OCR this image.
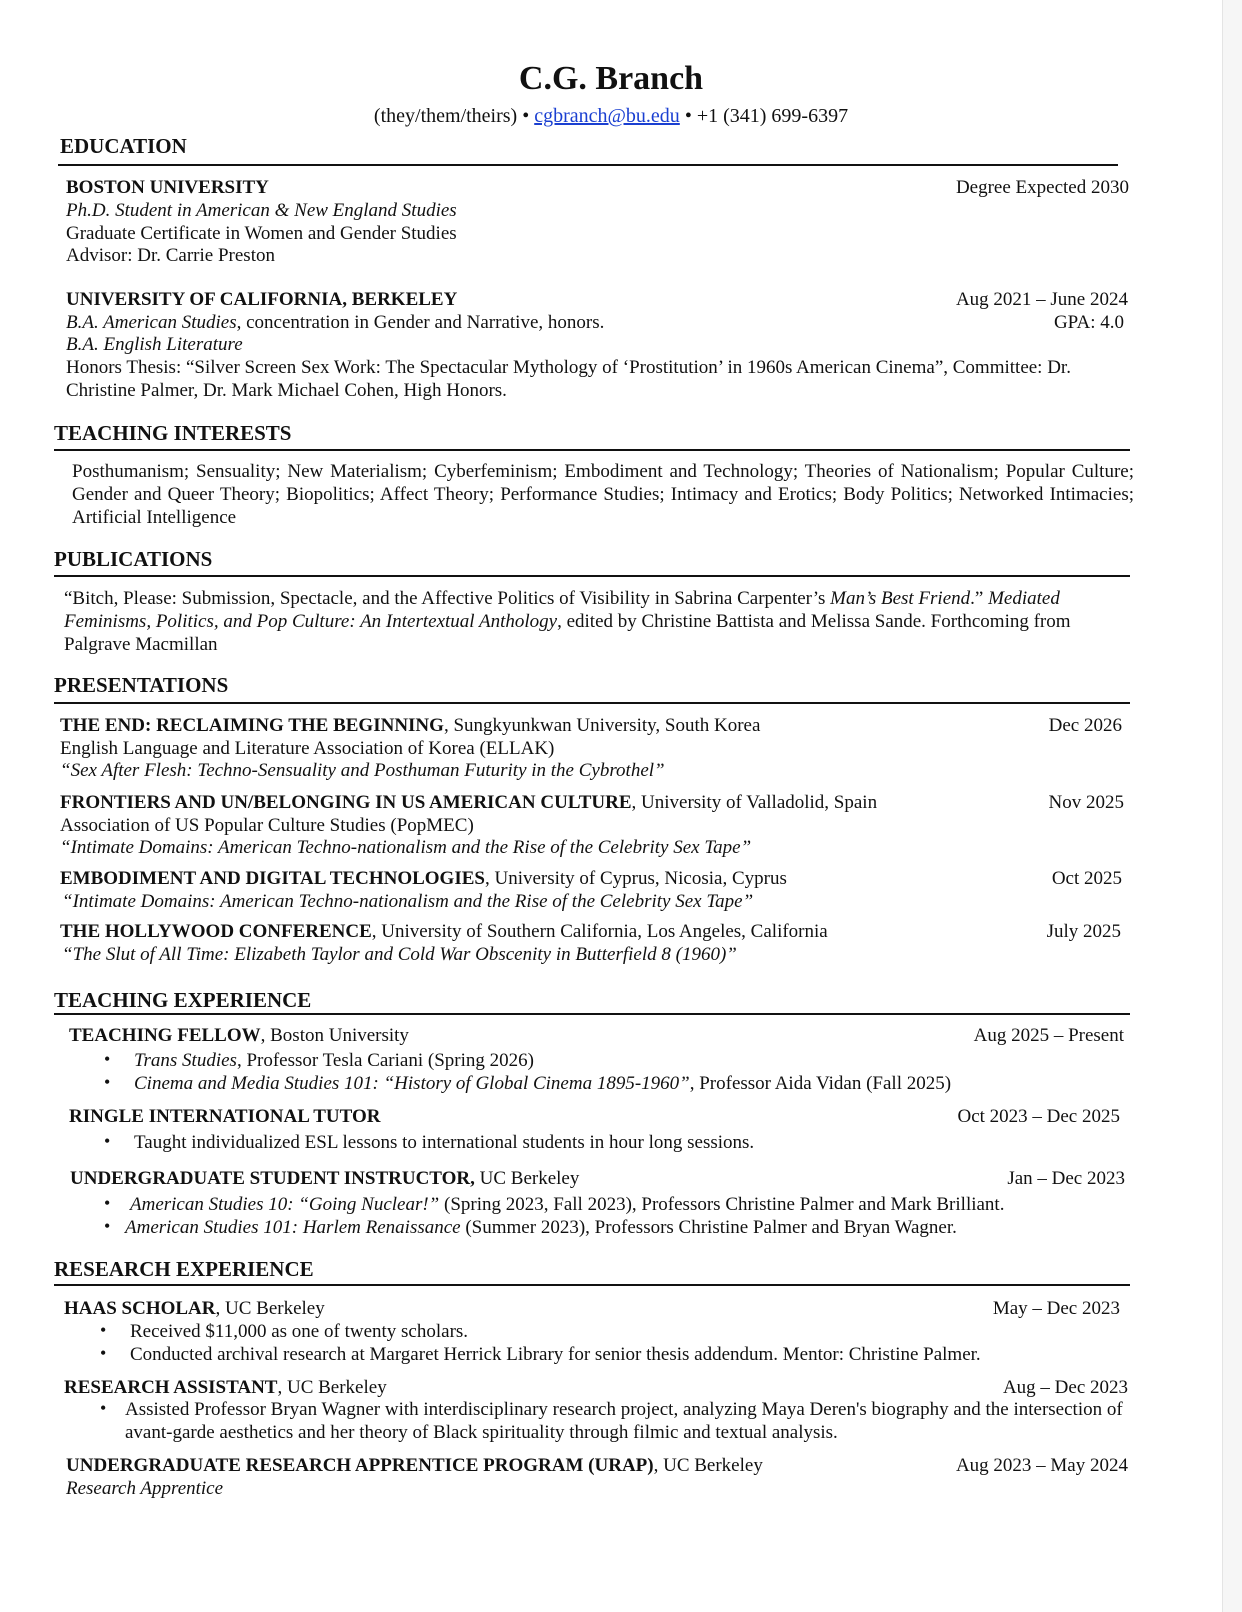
C.G. Branch
(they/them/theirs) • cgbranch@bu.edu • +1 (341) 699-6397
EDUCATION
BOSTON UNIVERSITY	Degree Expected 2030
Ph.D. Student in American & New England Studies
Graduate Certificate in Women and Gender Studies
Advisor: Dr. Carrie Preston
UNIVERSITY OF CALIFORNIA, BERKELEY	Aug 2021 – June 2024
B.A. American Studies, concentration in Gender and Narrative, honors.	GPA: 4.0
B.A. English Literature
Honors Thesis: “Silver Screen Sex Work: The Spectacular Mythology of ‘Prostitution’ in 1960s American Cinema”, Committee: Dr. Christine Palmer, Dr. Mark Michael Cohen, High Honors.
TEACHING INTERESTS
Posthumanism; Sensuality; New Materialism; Cyberfeminism; Embodiment and Technology; Theories of Nationalism; Popular Culture; Gender and Queer Theory; Biopolitics; Affect Theory; Performance Studies; Intimacy and Erotics; Body Politics; Networked Intimacies; Artificial Intelligence
PUBLICATIONS
“Bitch, Please: Submission, Spectacle, and the Affective Politics of Visibility in Sabrina Carpenter’s Man’s Best Friend.” Mediated Feminisms, Politics, and Pop Culture: An Intertextual Anthology, edited by Christine Battista and Melissa Sande. Forthcoming from Palgrave Macmillan
PRESENTATIONS
THE END: RECLAIMING THE BEGINNING, Sungkyunkwan University, South Korea	Dec 2026
English Language and Literature Association of Korea (ELLAK)
“Sex After Flesh: Techno-Sensuality and Posthuman Futurity in the Cybrothel”
FRONTIERS AND UN/BELONGING IN US AMERICAN CULTURE, University of Valladolid, Spain	Nov 2025
Association of US Popular Culture Studies (PopMEC)
“Intimate Domains: American Techno-nationalism and the Rise of the Celebrity Sex Tape”
EMBODIMENT AND DIGITAL TECHNOLOGIES, University of Cyprus, Nicosia, Cyprus	Oct 2025
“Intimate Domains: American Techno-nationalism and the Rise of the Celebrity Sex Tape”
THE HOLLYWOOD CONFERENCE, University of Southern California, Los Angeles, California	July 2025
“The Slut of All Time: Elizabeth Taylor and Cold War Obscenity in Butterfield 8 (1960)”
TEACHING EXPERIENCE
TEACHING FELLOW, Boston University	Aug 2025 – Present
• Trans Studies, Professor Tesla Cariani (Spring 2026)
• Cinema and Media Studies 101: “History of Global Cinema 1895-1960”, Professor Aida Vidan (Fall 2025)
RINGLE INTERNATIONAL TUTOR	Oct 2023 – Dec 2025
• Taught individualized ESL lessons to international students in hour long sessions.
UNDERGRADUATE STUDENT INSTRUCTOR, UC Berkeley	Jan – Dec 2023
• American Studies 10: “Going Nuclear!” (Spring 2023, Fall 2023), Professors Christine Palmer and Mark Brilliant.
• American Studies 101: Harlem Renaissance (Summer 2023), Professors Christine Palmer and Bryan Wagner.
RESEARCH EXPERIENCE
HAAS SCHOLAR, UC Berkeley	May – Dec 2023
• Received $11,000 as one of twenty scholars.
• Conducted archival research at Margaret Herrick Library for senior thesis addendum. Mentor: Christine Palmer.
RESEARCH ASSISTANT, UC Berkeley	Aug – Dec 2023
• Assisted Professor Bryan Wagner with interdisciplinary research project, analyzing Maya Deren's biography and the intersection of avant-garde aesthetics and her theory of Black spirituality through filmic and textual analysis.
UNDERGRADUATE RESEARCH APPRENTICE PROGRAM (URAP), UC Berkeley	Aug 2023 – May 2024
Research Apprentice
